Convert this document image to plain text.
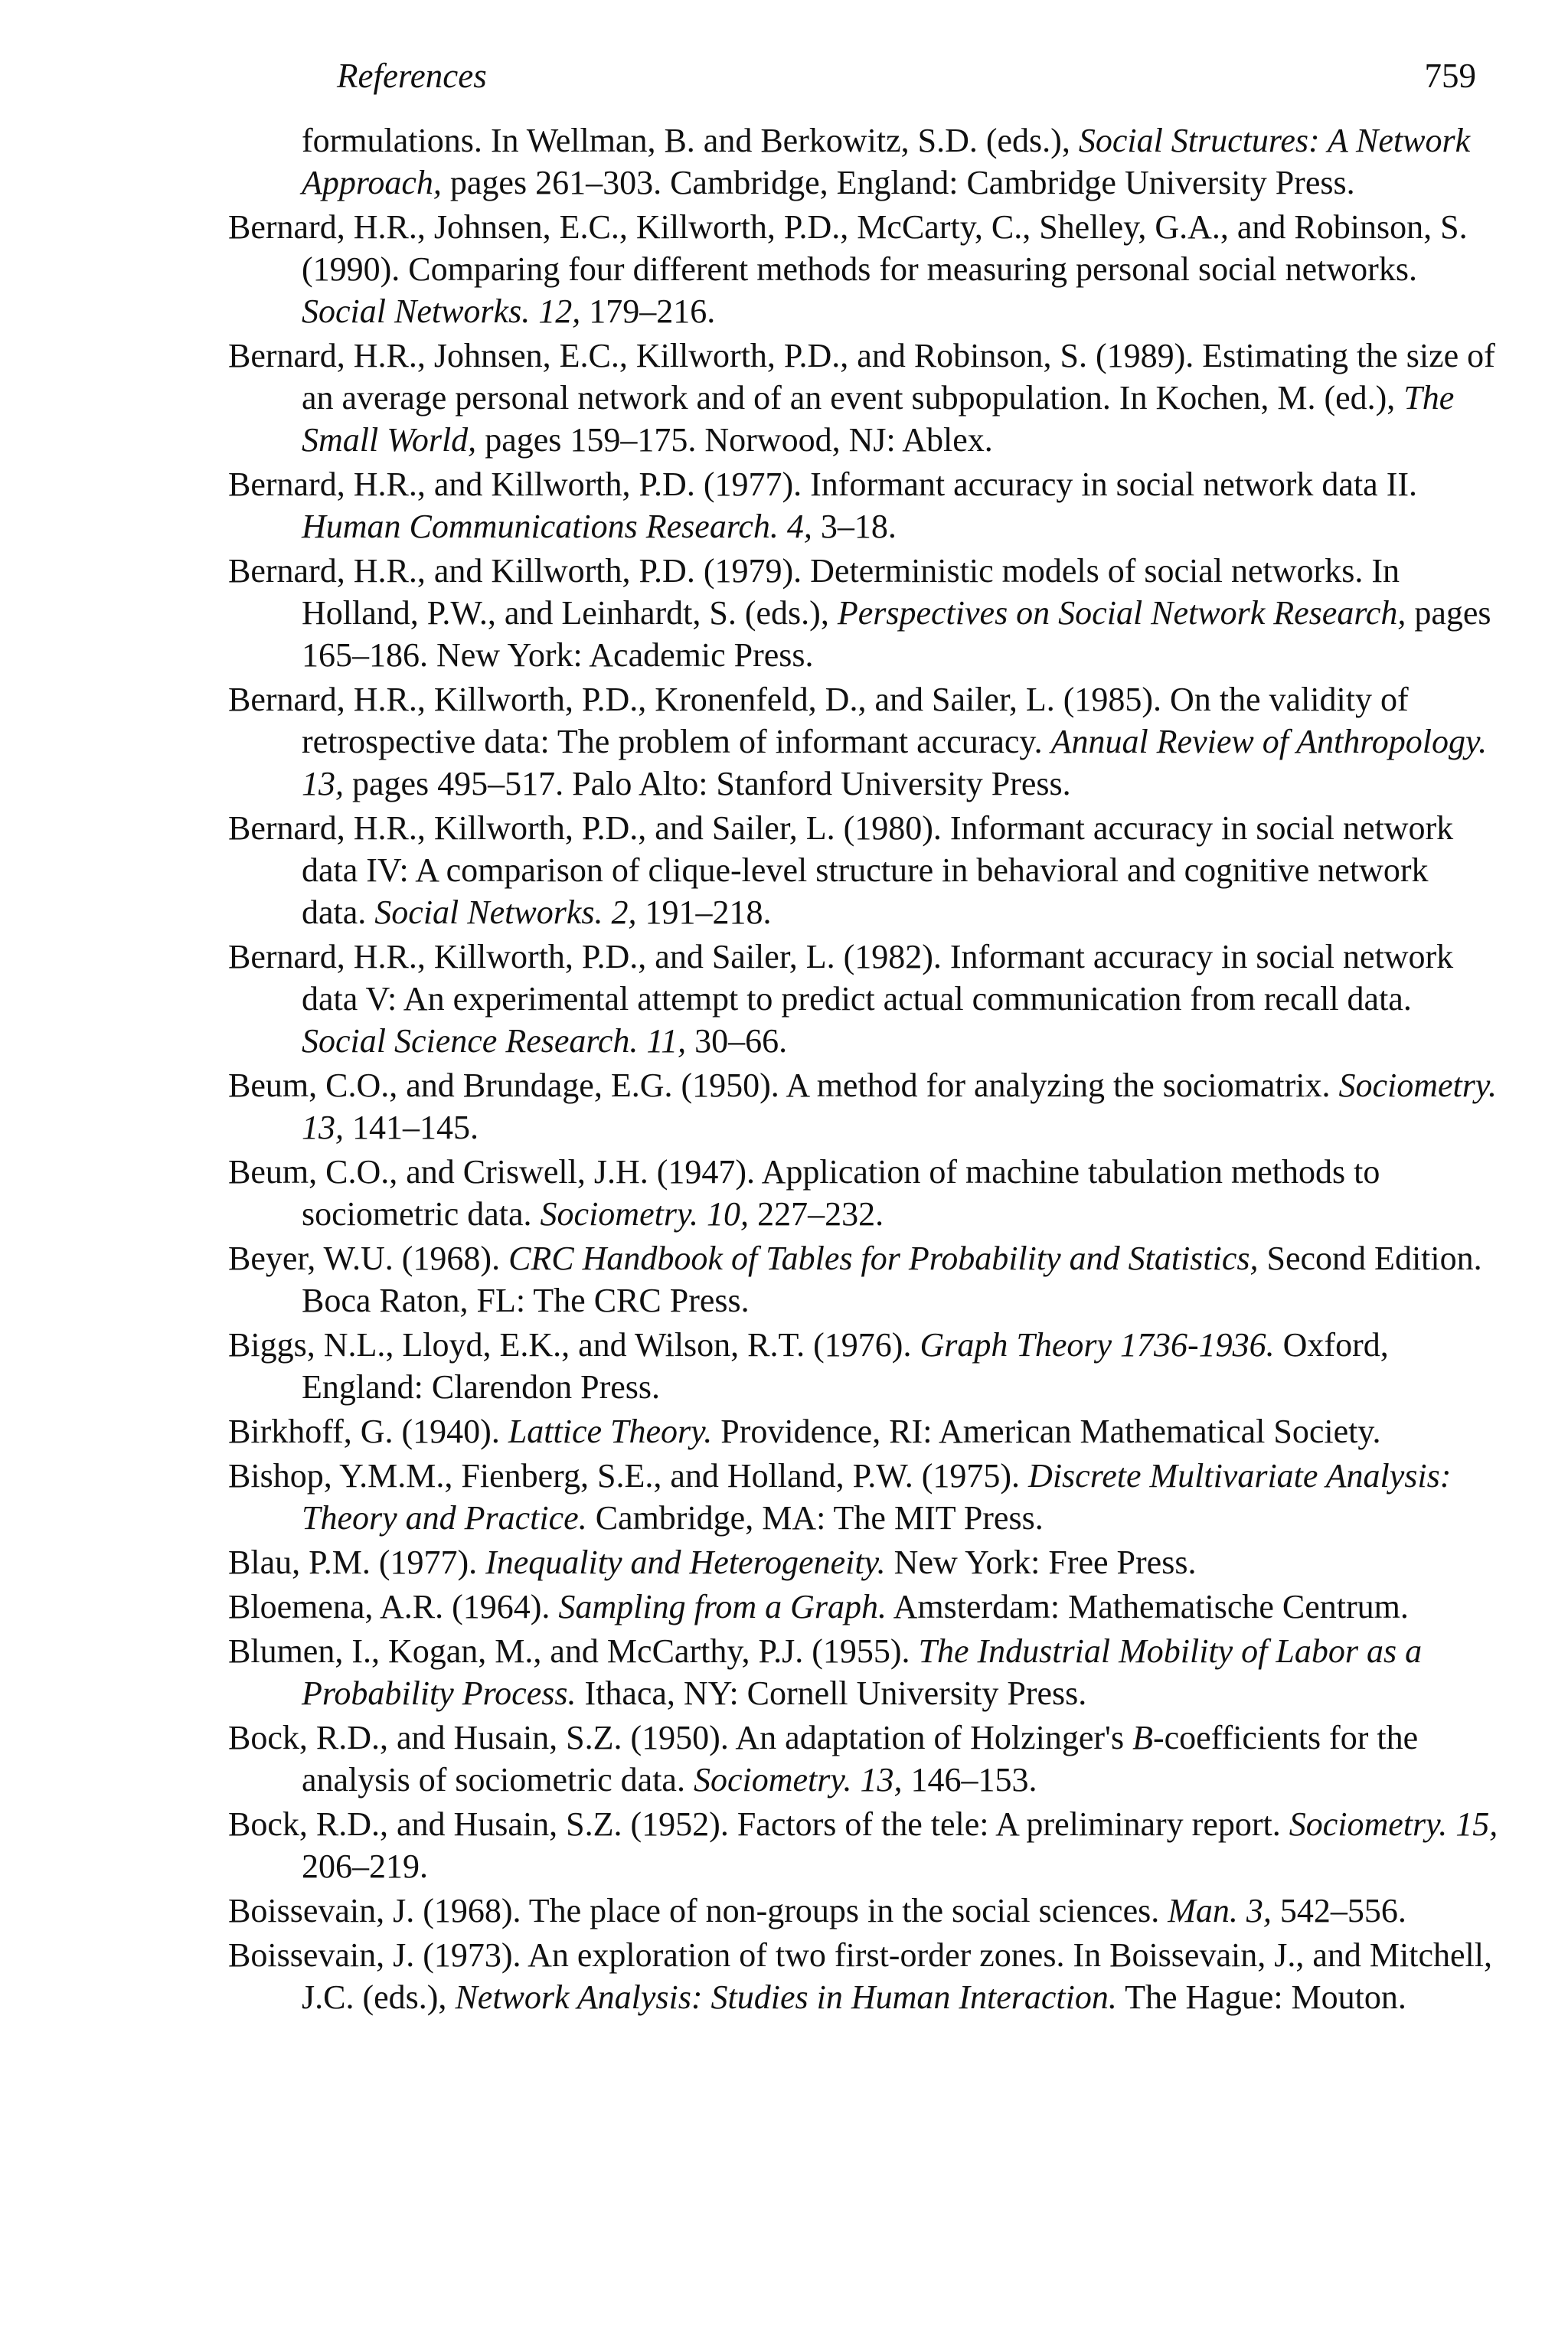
References	759

formulations. In Wellman, B. and Berkowitz, S.D. (eds.), Social Structures: A Network Approach, pages 261–303. Cambridge, England: Cambridge University Press.

Bernard, H.R., Johnsen, E.C., Killworth, P.D., McCarty, C., Shelley, G.A., and Robinson, S. (1990). Comparing four different methods for measuring personal social networks. Social Networks. 12, 179–216.

Bernard, H.R., Johnsen, E.C., Killworth, P.D., and Robinson, S. (1989). Estimating the size of an average personal network and of an event subpopulation. In Kochen, M. (ed.), The Small World, pages 159–175. Norwood, NJ: Ablex.

Bernard, H.R., and Killworth, P.D. (1977). Informant accuracy in social network data II. Human Communications Research. 4, 3–18.

Bernard, H.R., and Killworth, P.D. (1979). Deterministic models of social networks. In Holland, P.W., and Leinhardt, S. (eds.), Perspectives on Social Network Research, pages 165–186. New York: Academic Press.

Bernard, H.R., Killworth, P.D., Kronenfeld, D., and Sailer, L. (1985). On the validity of retrospective data: The problem of informant accuracy. Annual Review of Anthropology. 13, pages 495–517. Palo Alto: Stanford University Press.

Bernard, H.R., Killworth, P.D., and Sailer, L. (1980). Informant accuracy in social network data IV: A comparison of clique-level structure in behavioral and cognitive network data. Social Networks. 2, 191–218.

Bernard, H.R., Killworth, P.D., and Sailer, L. (1982). Informant accuracy in social network data V: An experimental attempt to predict actual communication from recall data. Social Science Research. 11, 30–66.

Beum, C.O., and Brundage, E.G. (1950). A method for analyzing the sociomatrix. Sociometry. 13, 141–145.

Beum, C.O., and Criswell, J.H. (1947). Application of machine tabulation methods to sociometric data. Sociometry. 10, 227–232.

Beyer, W.U. (1968). CRC Handbook of Tables for Probability and Statistics, Second Edition. Boca Raton, FL: The CRC Press.

Biggs, N.L., Lloyd, E.K., and Wilson, R.T. (1976). Graph Theory 1736-1936. Oxford, England: Clarendon Press.

Birkhoff, G. (1940). Lattice Theory. Providence, RI: American Mathematical Society.

Bishop, Y.M.M., Fienberg, S.E., and Holland, P.W. (1975). Discrete Multivariate Analysis: Theory and Practice. Cambridge, MA: The MIT Press.

Blau, P.M. (1977). Inequality and Heterogeneity. New York: Free Press.

Bloemena, A.R. (1964). Sampling from a Graph. Amsterdam: Mathematische Centrum.

Blumen, I., Kogan, M., and McCarthy, P.J. (1955). The Industrial Mobility of Labor as a Probability Process. Ithaca, NY: Cornell University Press.

Bock, R.D., and Husain, S.Z. (1950). An adaptation of Holzinger's B-coefficients for the analysis of sociometric data. Sociometry. 13, 146–153.

Bock, R.D., and Husain, S.Z. (1952). Factors of the tele: A preliminary report. Sociometry. 15, 206–219.

Boissevain, J. (1968). The place of non-groups in the social sciences. Man. 3, 542–556.

Boissevain, J. (1973). An exploration of two first-order zones. In Boissevain, J., and Mitchell, J.C. (eds.), Network Analysis: Studies in Human Interaction. The Hague: Mouton.
